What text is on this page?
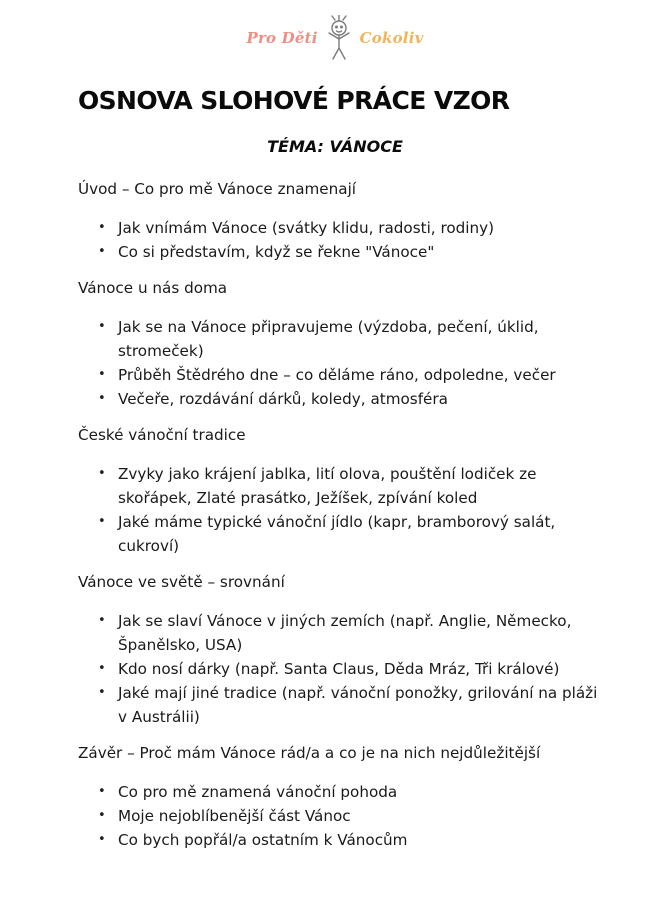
Pro Děti	Cokoliv
OSNOVA SLOHOVÉ PRÁCE VZOR
TÉMA: VÁNOCE

Úvod – Co pro mě Vánoce znamenají

• Jak vnímám Vánoce (svátky klidu, radosti, rodiny)
• Co si představím, když se řekne "Vánoce"

Vánoce u nás doma

• Jak se na Vánoce připravujeme (výzdoba, pečení, úklid, stromeček)
• Průběh Štědrého dne – co děláme ráno, odpoledne, večer
• Večeře, rozdávání dárků, koledy, atmosféra

České vánoční tradice

• Zvyky jako krájení jablka, lití olova, pouštění lodiček ze skořápek, Zlaté prasátko, Ježíšek, zpívání koled
• Jaké máme typické vánoční jídlo (kapr, bramborový salát, cukroví)

Vánoce ve světě – srovnání

• Jak se slaví Vánoce v jiných zemích (např. Anglie, Německo, Španělsko, USA)
• Kdo nosí dárky (např. Santa Claus, Děda Mráz, Tři králové)
• Jaké mají jiné tradice (např. vánoční ponožky, grilování na pláži v Austrálii)

Závěr – Proč mám Vánoce rád/a a co je na nich nejdůležitější

• Co pro mě znamená vánoční pohoda
• Moje nejoblíbenější část Vánoc
• Co bych popřál/a ostatním k Vánocům
